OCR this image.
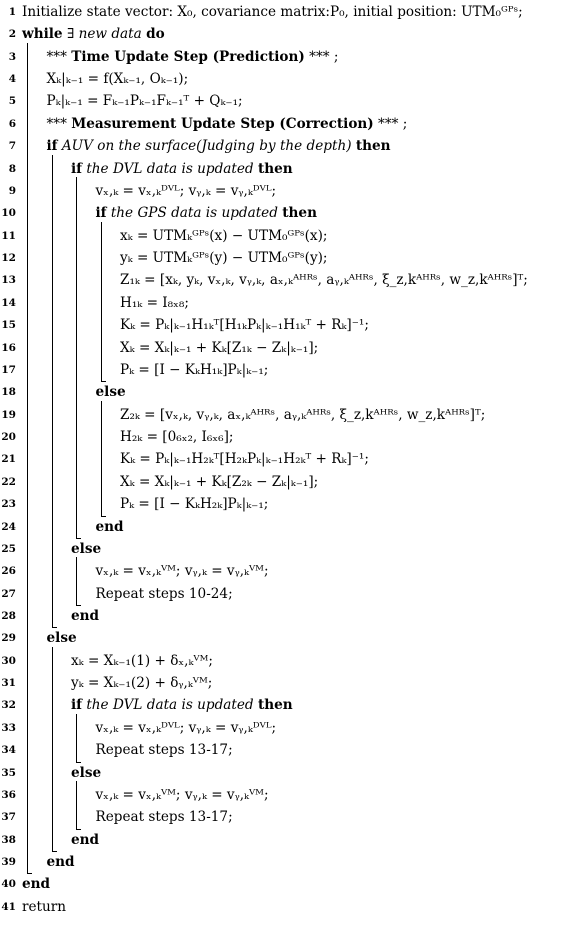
1 Initialize state vector: X₀, covariance matrix:P₀, initial position: UTM₀ᴳᴾˢ;
2 while ∃ new data do
3 *** Time Update Step (Prediction) *** ;
4 Xₖ|ₖ₋₁ = f(Xₖ₋₁, Oₖ₋₁);
5 Pₖ|ₖ₋₁ = Fₖ₋₁Pₖ₋₁Fₖ₋₁ᵀ + Qₖ₋₁;
6 *** Measurement Update Step (Correction) *** ;
7 if AUV on the surface(Judging by the depth) then
8	if the DVL data is updated then
9	vₓ,ₖ = vₓ,ₖᴰⱽᴸ; vᵧ,ₖ = vᵧ,ₖᴰⱽᴸ;
10	if the GPS data is updated then
11	xₖ = UTMₖᴳᴾˢ(x) − UTM₀ᴳᴾˢ(x);
12	yₖ = UTMₖᴳᴾˢ(y) − UTM₀ᴳᴾˢ(y);
13	Z₁ₖ = [xₖ, yₖ, vₓ,ₖ, vᵧ,ₖ, aₓ,ₖᴬᴴᴿˢ, aᵧ,ₖᴬᴴᴿˢ, ξ_z,kᴬᴴᴿˢ, w_z,kᴬᴴᴿˢ]ᵀ;
14	H₁ₖ = I₈ₓ₈;
15	Kₖ = Pₖ|ₖ₋₁H₁ₖᵀ[H₁ₖPₖ|ₖ₋₁H₁ₖᵀ + Rₖ]⁻¹;
16	Xₖ = Xₖ|ₖ₋₁ + Kₖ[Z₁ₖ − Zₖ|ₖ₋₁];
17	Pₖ = [I − KₖH₁ₖ]Pₖ|ₖ₋₁;
18	else
19	Z₂ₖ = [vₓ,ₖ, vᵧ,ₖ, aₓ,ₖᴬᴴᴿˢ, aᵧ,ₖᴬᴴᴿˢ, ξ_z,kᴬᴴᴿˢ, w_z,kᴬᴴᴿˢ]ᵀ;
20	H₂ₖ = [0₆ₓ₂, I₆ₓ₆];
21	Kₖ = Pₖ|ₖ₋₁H₂ₖᵀ[H₂ₖPₖ|ₖ₋₁H₂ₖᵀ + Rₖ]⁻¹;
22	Xₖ = Xₖ|ₖ₋₁ + Kₖ[Z₂ₖ − Zₖ|ₖ₋₁];
23	Pₖ = [I − KₖH₂ₖ]Pₖ|ₖ₋₁;
24	end
25	else
26	vₓ,ₖ = vₓ,ₖⱽᴹ; vᵧ,ₖ = vᵧ,ₖⱽᴹ;
27	Repeat steps 10-24;
28	end
29 else
30	xₖ = Xₖ₋₁(1) + δₓ,ₖⱽᴹ;
31	yₖ = Xₖ₋₁(2) + δᵧ,ₖⱽᴹ;
32	if the DVL data is updated then
33	vₓ,ₖ = vₓ,ₖᴰⱽᴸ; vᵧ,ₖ = vᵧ,ₖᴰⱽᴸ;
34	Repeat steps 13-17;
35	else
36	vₓ,ₖ = vₓ,ₖⱽᴹ; vᵧ,ₖ = vᵧ,ₖⱽᴹ;
37	Repeat steps 13-17;
38	end
39 end
40 end
41 return
